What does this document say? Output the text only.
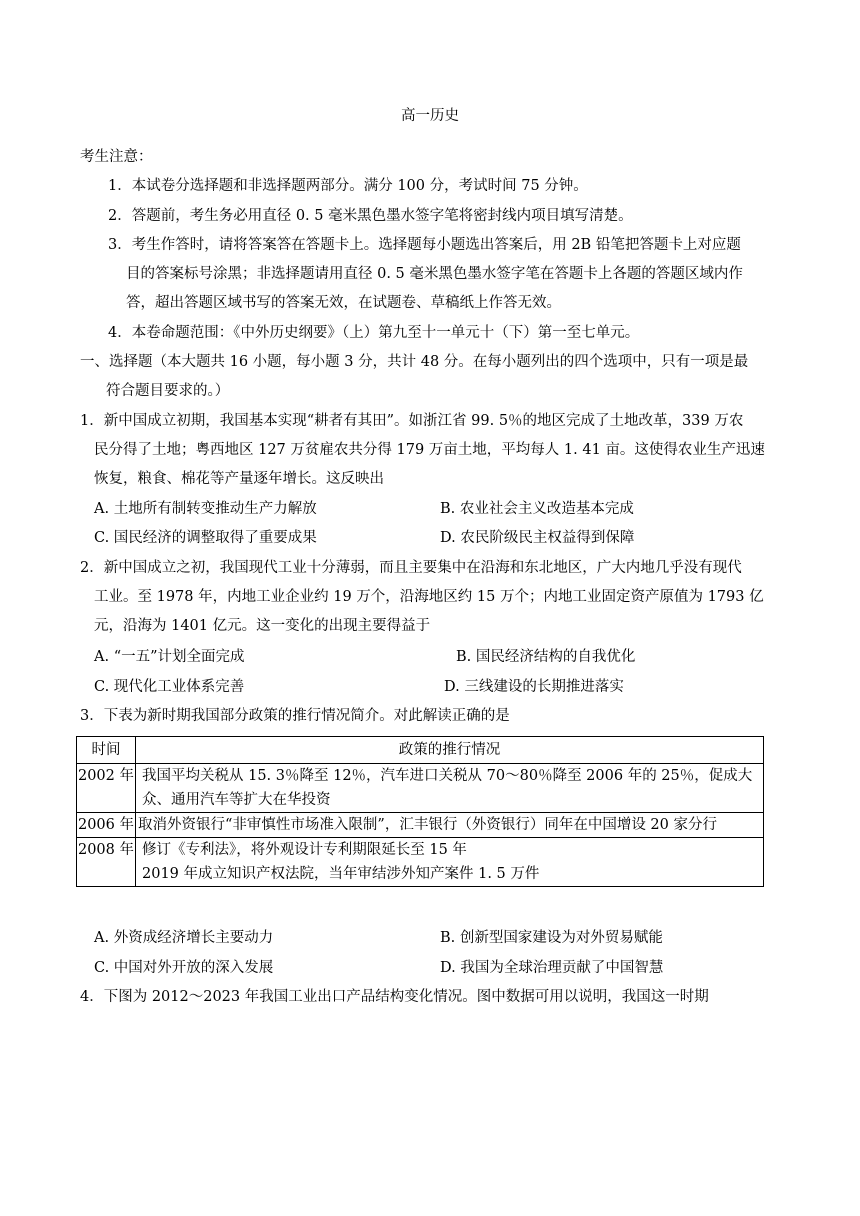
高一历史
考生注意：
1．本试卷分选择题和非选择题两部分。满分 100 分，考试时间 75 分钟。
2．答题前，考生务必用直径 0. 5 毫米黑色墨水签字笔将密封线内项目填写清楚。
3．考生作答时，请将答案答在答题卡上。选择题每小题选出答案后，用 2B 铅笔把答题卡上对应题
目的答案标号涂黑；非选择题请用直径 0. 5 毫米黑色墨水签字笔在答题卡上各题的答题区域内作
答，超出答题区域书写的答案无效，在试题卷、草稿纸上作答无效。
4．本卷命题范围：《中外历史纲要》（上）第九至十一单元十（下）第一至七单元。
一、选择题（本大题共 16 小题，每小题 3 分，共计 48 分。在每小题列出的四个选项中，只有一项是最
符合题目要求的。）
1．新中国成立初期，我国基本实现“耕者有其田”。如浙江省 99. 5％的地区完成了土地改革，339 万农
民分得了土地；粤西地区 127 万贫雇农共分得 179 万亩土地，平均每人 1. 41 亩。这使得农业生产迅速
恢复，粮食、棉花等产量逐年增长。这反映出
A. 土地所有制转变推动生产力解放	B. 农业社会主义改造基本完成
C. 国民经济的调整取得了重要成果	D. 农民阶级民主权益得到保障
2．新中国成立之初，我国现代工业十分薄弱，而且主要集中在沿海和东北地区，广大内地几乎没有现代
工业。至 1978 年，内地工业企业约 19 万个，沿海地区约 15 万个；内地工业固定资产原值为 1793 亿
元，沿海为 1401 亿元。这一变化的出现主要得益于
A. “一五”计划全面完成	B. 国民经济结构的自我优化
C. 现代化工业体系完善	D. 三线建设的长期推进落实
3．下表为新时期我国部分政策的推行情况简介。对此解读正确的是
时间	政策的推行情况

2002 年	我国平均关税从 15. 3％降至 12％，汽车进口关税从 70～80％降至 2006 年的 25％，促成大
众、通用汽车等扩大在华投资

2006 年	取消外资银行“非审慎性市场准入限制”，汇丰银行（外资银行）同年在中国增设 20 家分行

2008 年	修订《专利法》，将外观设计专利期限延长至 15 年
2019 年成立知识产权法院，当年审结涉外知产案件 1. 5 万件
A. 外资成经济增长主要动力	B. 创新型国家建设为对外贸易赋能
C. 中国对外开放的深入发展	D. 我国为全球治理贡献了中国智慧
4．下图为 2012～2023 年我国工业出口产品结构变化情况。图中数据可用以说明，我国这一时期
